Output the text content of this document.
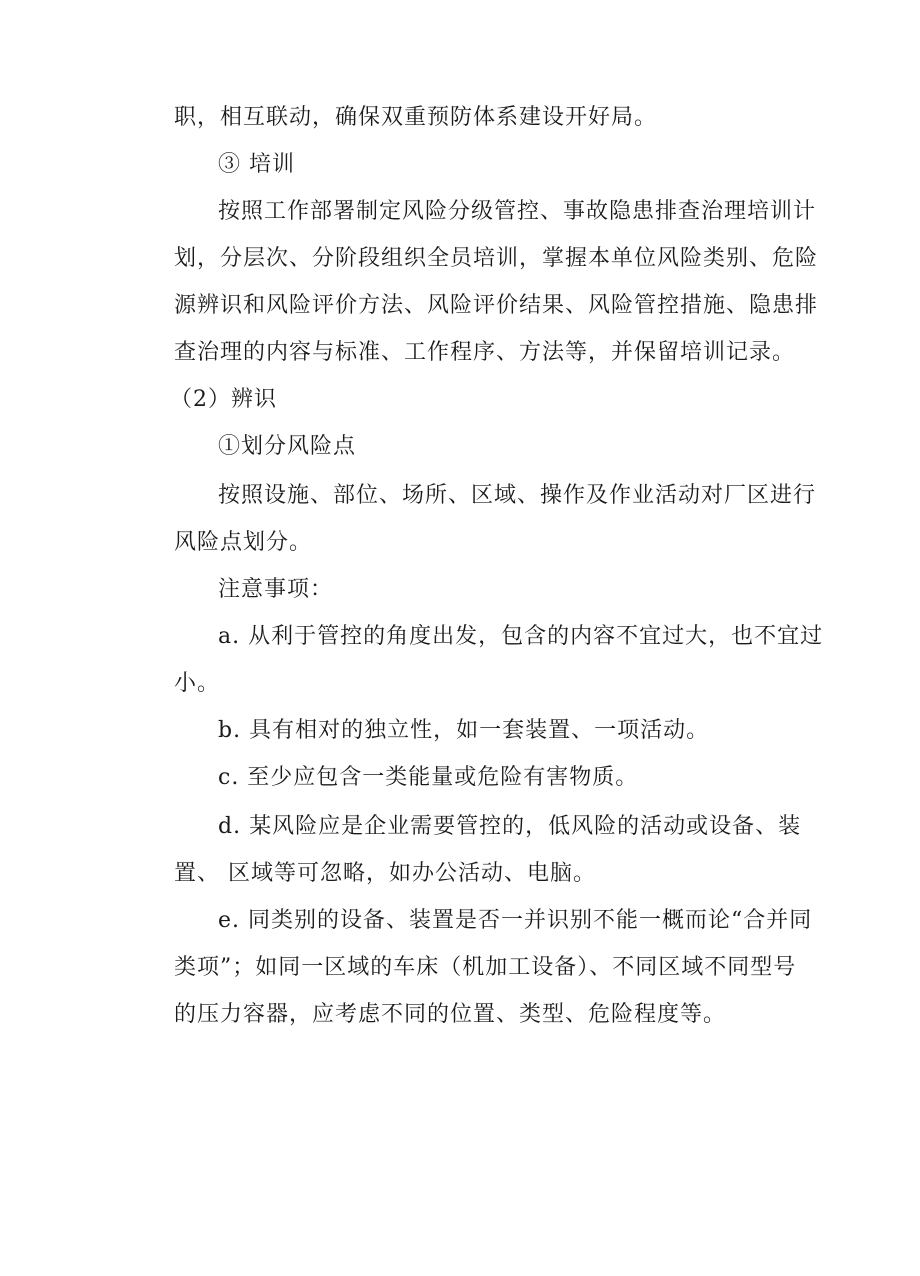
职，相互联动，确保双重预防体系建设开好局。
③ 培训
按照工作部署制定风险分级管控、事故隐患排查治理培训计
划，分层次、分阶段组织全员培训，掌握本单位风险类别、危险
源辨识和风险评价方法、风险评价结果、风险管控措施、隐患排
查治理的内容与标准、工作程序、方法等，并保留培训记录。
（2）辨识
①划分风险点
按照设施、部位、场所、区域、操作及作业活动对厂区进行
风险点划分。
注意事项：
a. 从利于管控的角度出发，包含的内容不宜过大，也不宜过
小。
b. 具有相对的独立性，如一套装置、一项活动。
c. 至少应包含一类能量或危险有害物质。
d. 某风险应是企业需要管控的，低风险的活动或设备、装
置、 区域等可忽略，如办公活动、电脑。
e. 同类别的设备、装置是否一并识别不能一概而论“合并同
类项”；如同一区域的车床（机加工设备）、不同区域不同型号
的压力容器，应考虑不同的位置、类型、危险程度等。
